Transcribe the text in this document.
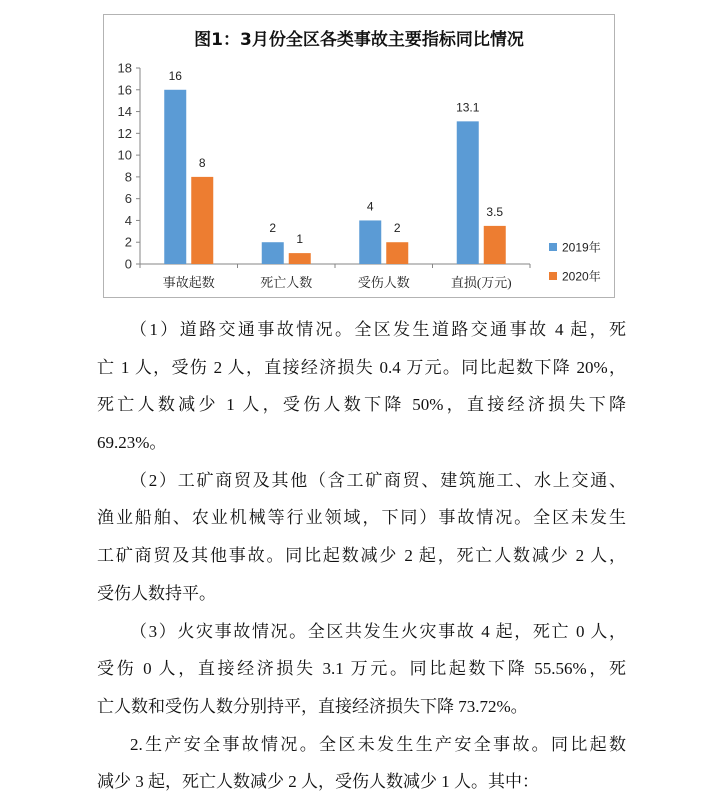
0
2
4
6
8
10
12
14
16
18
事故起数	死亡人数	受伤人数	直损(万元)
16
2
4
13.1
8
1
2
3.5
2019年
2020年
图1：3月份全区各类事故主要指标同比情况
（1）道路交通事故情况。全区发生道路交通事故 4 起，死
亡 1 人，受伤 2 人，直接经济损失 0.4 万元。同比起数下降 20%，
死亡人数减少 1 人，受伤人数下降 50%，直接经济损失下降
69.23%。
（2）工矿商贸及其他（含工矿商贸、建筑施工、水上交通、
渔业船舶、农业机械等行业领域，下同）事故情况。全区未发生
工矿商贸及其他事故。同比起数减少 2 起，死亡人数减少 2 人，
受伤人数持平。
（3）火灾事故情况。全区共发生火灾事故 4 起，死亡 0 人，
受伤 0 人，直接经济损失 3.1 万元。同比起数下降 55.56%，死
亡人数和受伤人数分别持平，直接经济损失下降 73.72%。
2.生产安全事故情况。全区未发生生产安全事故。同比起数
减少 3 起，死亡人数减少 2 人，受伤人数减少 1 人。其中：
